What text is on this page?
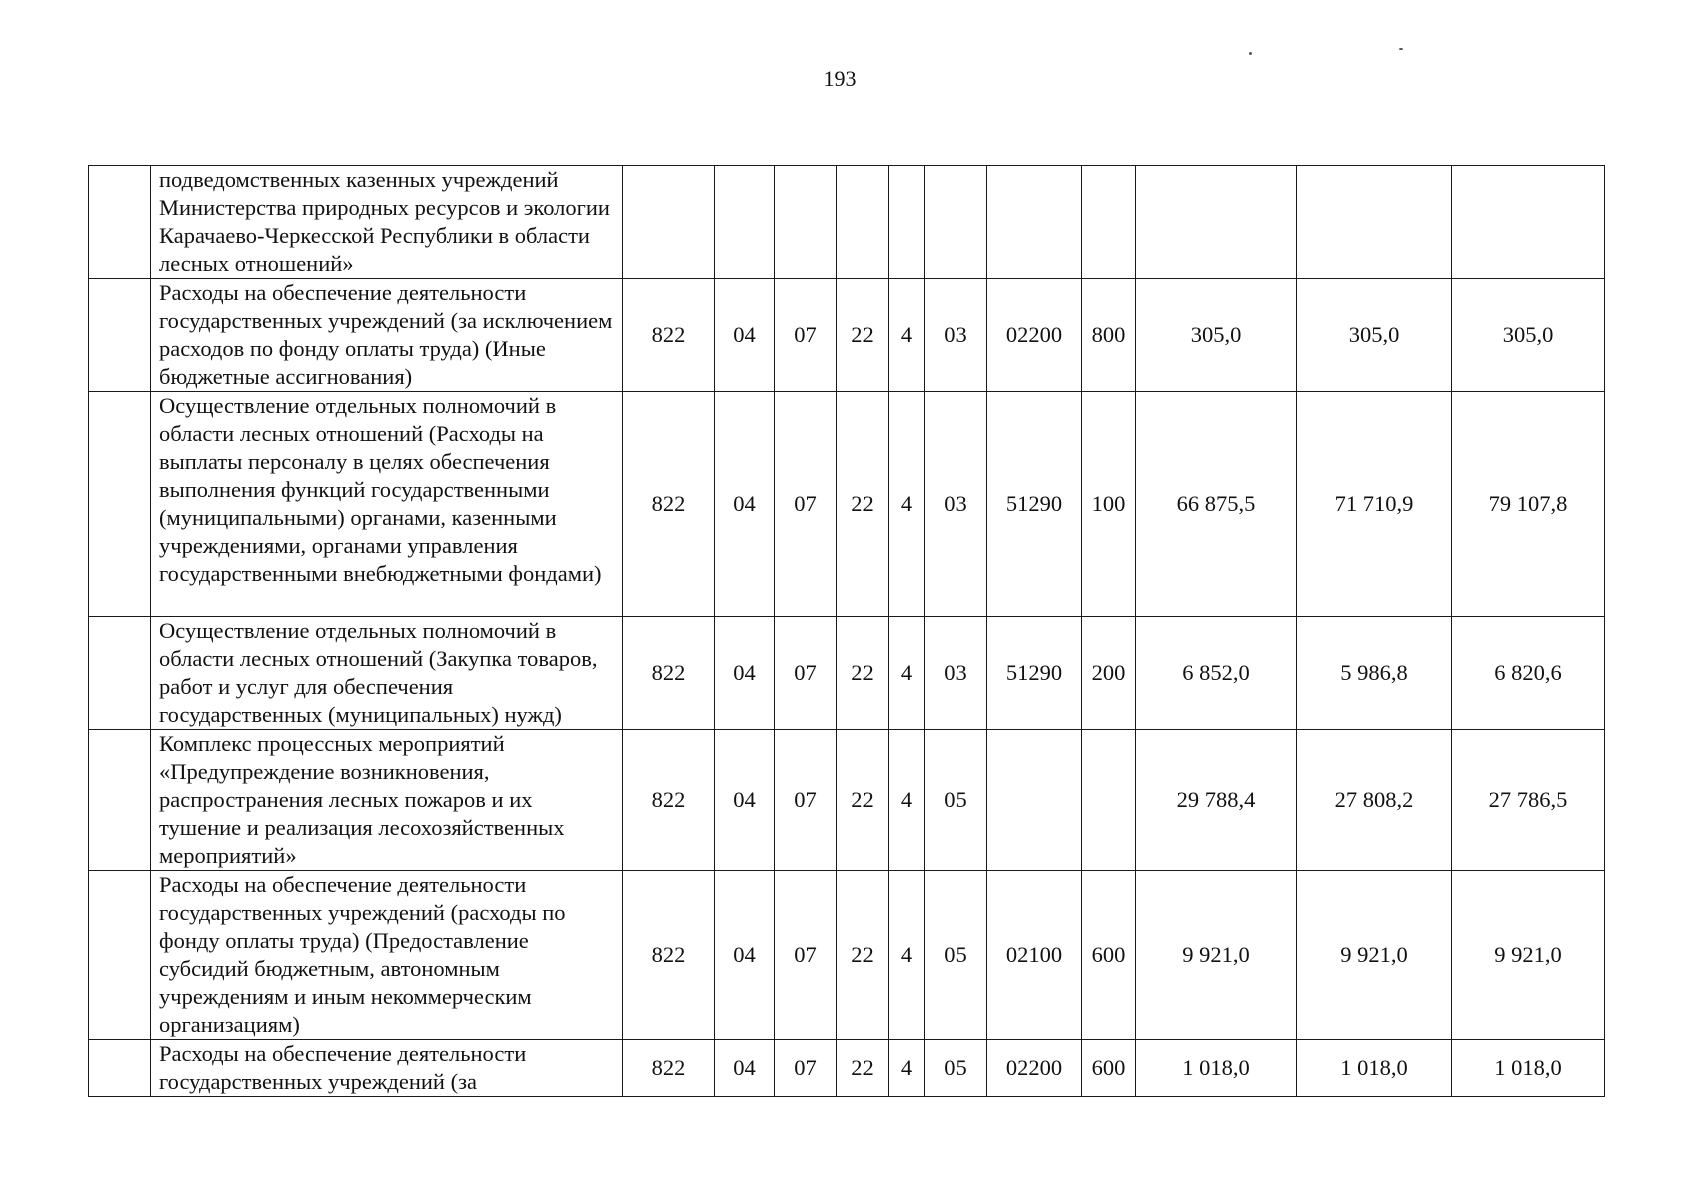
193
	подведомственных казенных учреждений Министерства природных ресурсов и экологии Карачаево-Черкесской Республики в области лесных отношений»											
	Расходы на обеспечение деятельности государственных учреждений (за исключением расходов по фонду оплаты труда) (Иные бюджетные ассигнования)	822	04	07	22	4	03	02200	800	305,0	305,0	305,0
	Осуществление отдельных полномочий в области лесных отношений (Расходы на выплаты персоналу в целях обеспечения выполнения функций государственными (муниципальными) органами, казенными учреждениями, органами управления государственными внебюджетными фондами)	822	04	07	22	4	03	51290	100	66 875,5	71 710,9	79 107,8
	Осуществление отдельных полномочий в области лесных отношений (Закупка товаров, работ и услуг для обеспечения государственных (муниципальных) нужд)	822	04	07	22	4	03	51290	200	6 852,0	5 986,8	6 820,6
	Комплекс процессных мероприятий «Предупреждение возникновения, распространения лесных пожаров и их тушение и реализация лесохозяйственных мероприятий»	822	04	07	22	4	05			29 788,4	27 808,2	27 786,5
	Расходы на обеспечение деятельности государственных учреждений (расходы по фонду оплаты труда) (Предоставление субсидий бюджетным, автономным учреждениям и иным некоммерческим организациям)	822	04	07	22	4	05	02100	600	9 921,0	9 921,0	9 921,0
	Расходы на обеспечение деятельности государственных учреждений (за	822	04	07	22	4	05	02200	600	1 018,0	1 018,0	1 018,0
